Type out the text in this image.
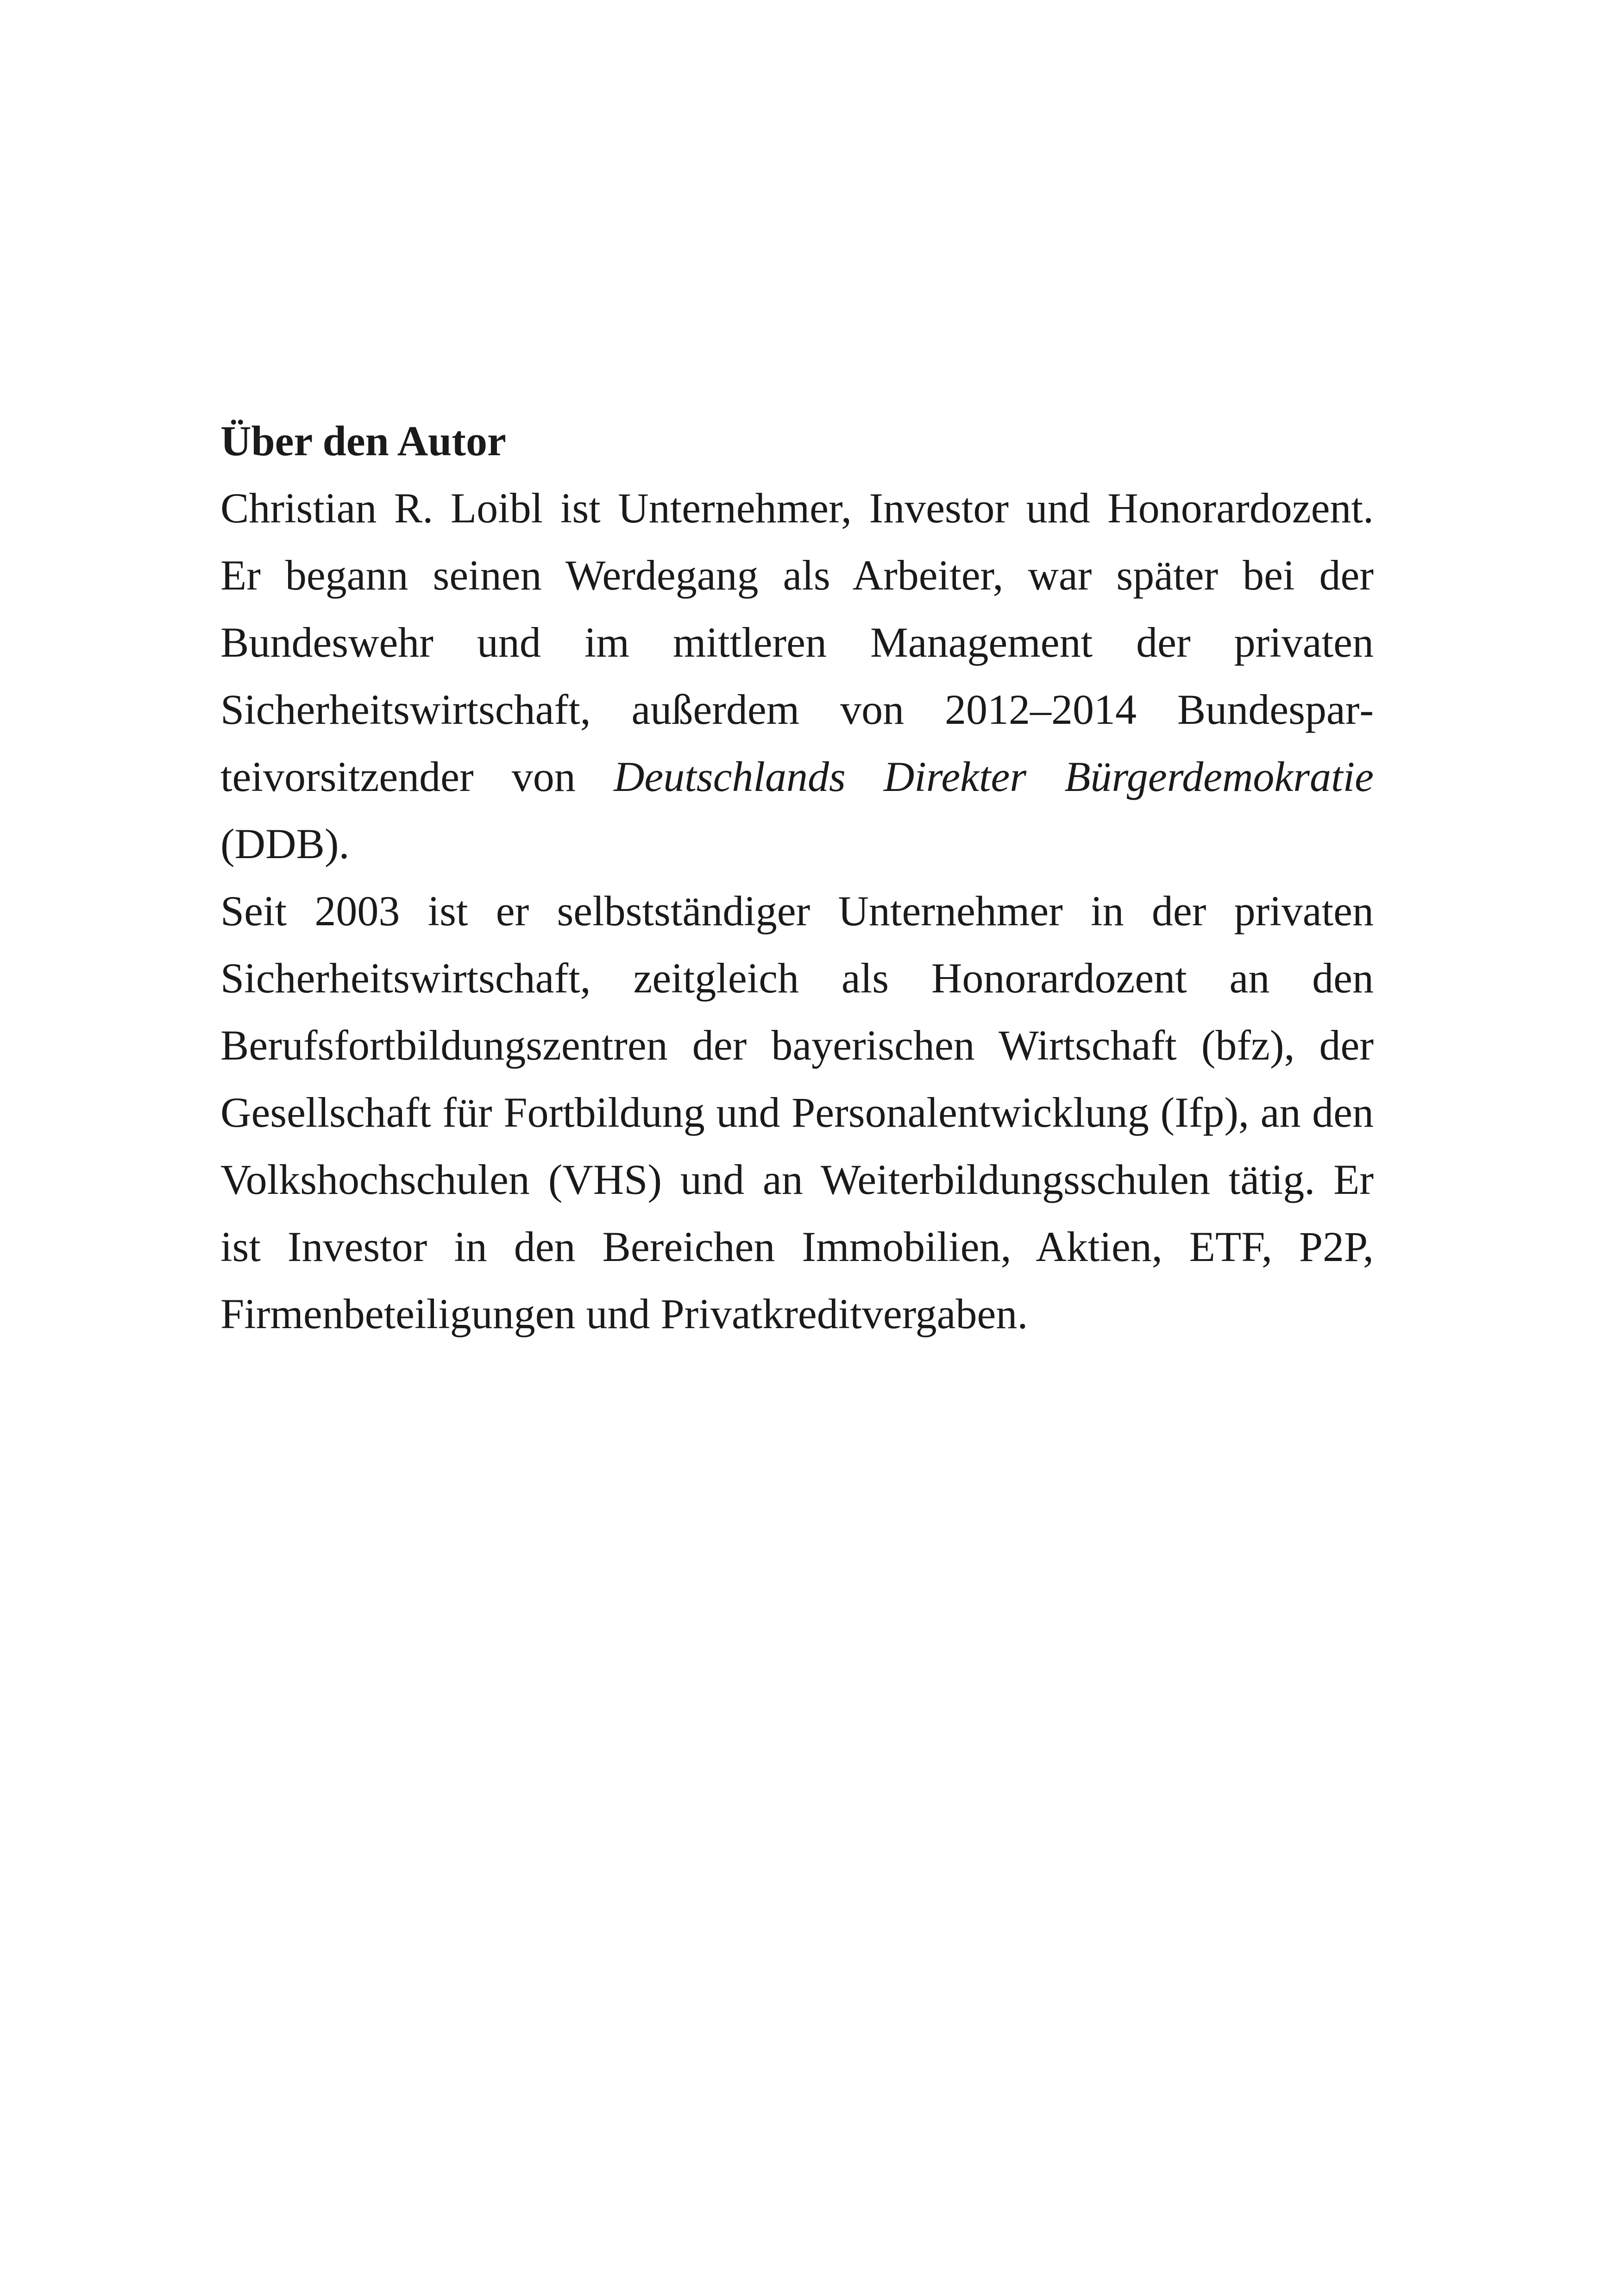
Über den Autor

Christian R. Loibl ist Unternehmer, Investor und Honorardozent. Er begann seinen Werdegang als Arbeiter, war später bei der Bundeswehr und im mittleren Management der privaten Sicherheitswirtschaft, außerdem von 2012–2014 Bundesparteivorsitzender von Deutschlands Direkter Bürgerdemokratie (DDB).

Seit 2003 ist er selbstständiger Unternehmer in der privaten Sicherheitswirtschaft, zeitgleich als Honorardozent an den Berufsfortbildungszentren der bayerischen Wirtschaft (bfz), der Gesellschaft für Fortbildung und Personalentwicklung (Ifp), an den Volkshochschulen (VHS) und an Weiterbildungsschulen tätig. Er ist Investor in den Bereichen Immobilien, Aktien, ETF, P2P, Firmenbeteiligungen und Privatkreditvergaben.
